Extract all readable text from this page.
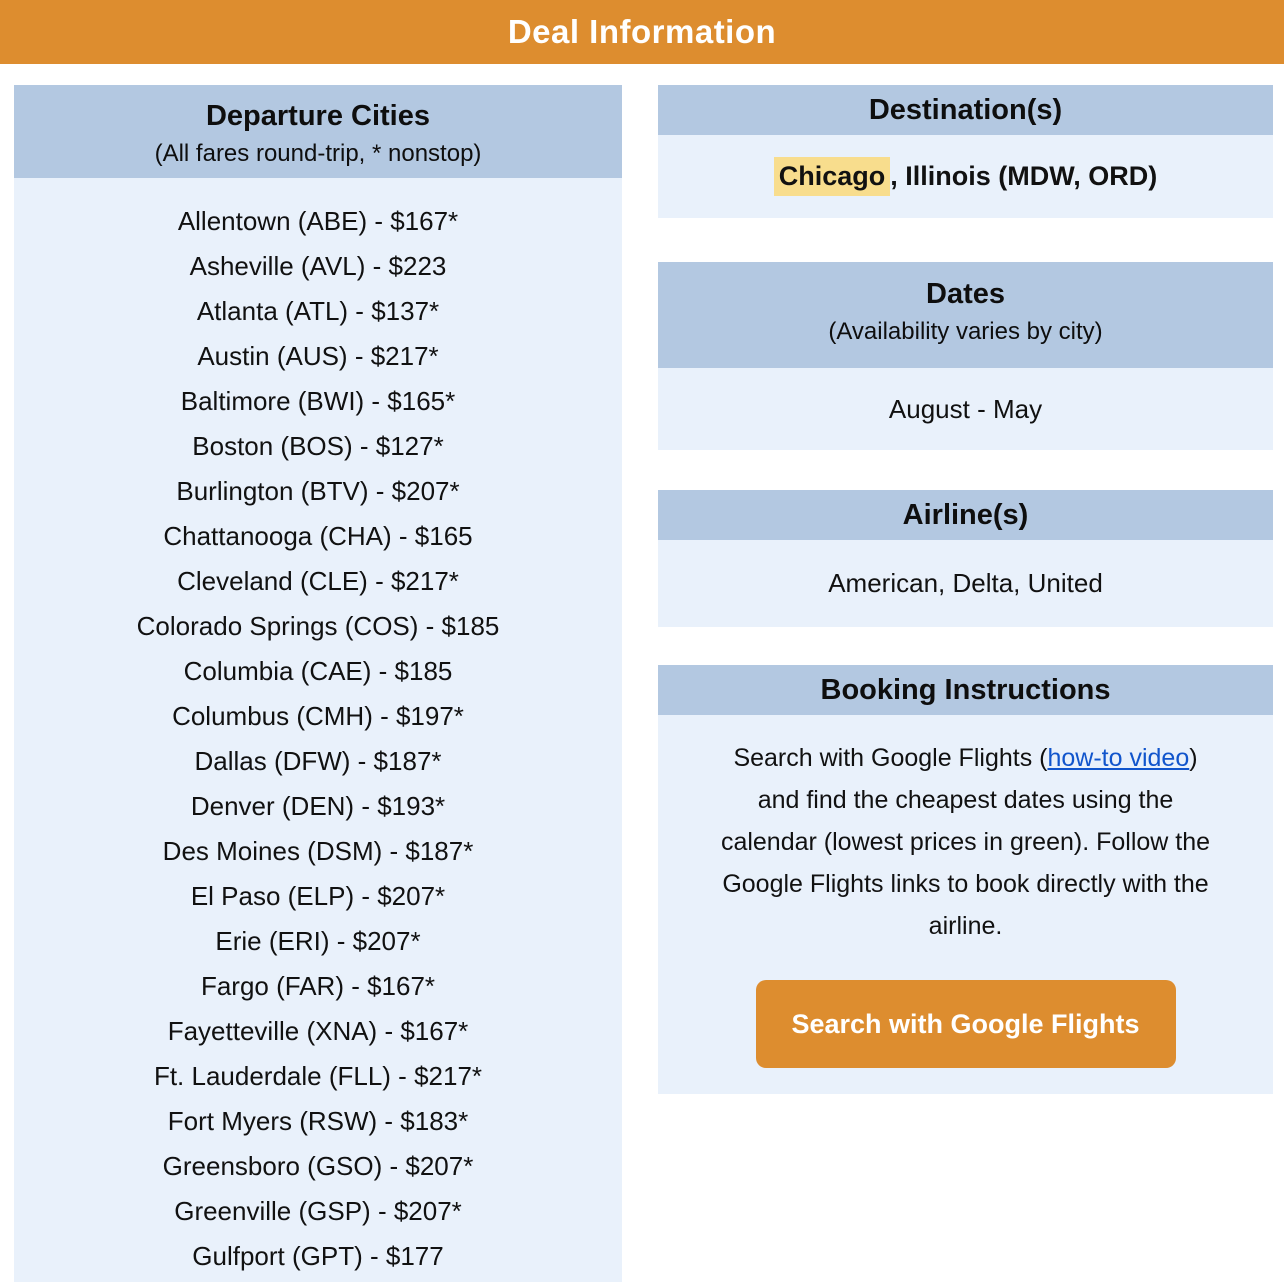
Deal Information
Departure Cities
(All fares round-trip, * nonstop)
Allentown (ABE) - $167*
Asheville (AVL) - $223
Atlanta (ATL) - $137*
Austin (AUS) - $217*
Baltimore (BWI) - $165*
Boston (BOS) - $127*
Burlington (BTV) - $207*
Chattanooga (CHA) - $165
Cleveland (CLE) - $217*
Colorado Springs (COS) - $185
Columbia (CAE) - $185
Columbus (CMH) - $197*
Dallas (DFW) - $187*
Denver (DEN) - $193*
Des Moines (DSM) - $187*
El Paso (ELP) - $207*
Erie (ERI) - $207*
Fargo (FAR) - $167*
Fayetteville (XNA) - $167*
Ft. Lauderdale (FLL) - $217*
Fort Myers (RSW) - $183*
Greensboro (GSO) - $207*
Greenville (GSP) - $207*
Gulfport (GPT) - $177
Destination(s)
Chicago , Illinois (MDW, ORD)
Dates
(Availability varies by city)
August - May
Airline(s)
American, Delta, United
Booking Instructions

Search with Google Flights (how-to video) and find the cheapest dates using the calendar (lowest prices in green). Follow the Google Flights links to book directly with the airline.

Search with Google Flights
